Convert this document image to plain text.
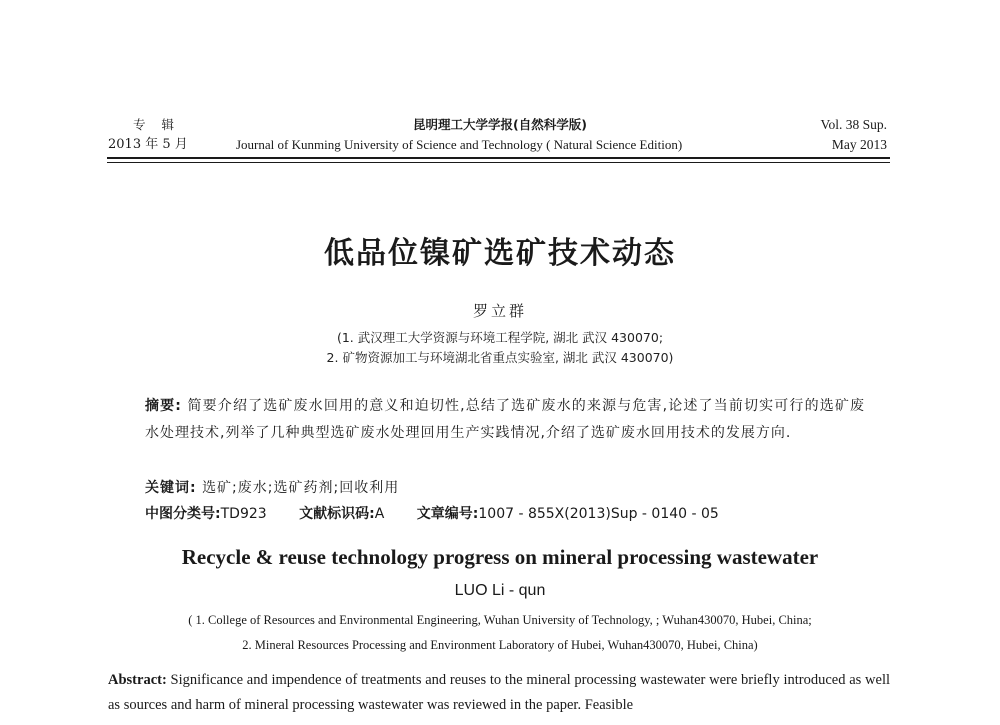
专 辑
2013 年 5 月
昆明理工大学学报(自然科学版)
Journal of Kunming University of Science and Technology ( Natural Science Edition)
Vol. 38 Sup.
May 2013
低品位镍矿选矿技术动态
罗立群
(1. 武汉理工大学资源与环境工程学院, 湖北 武汉 430070;
2. 矿物资源加工与环境湖北省重点实验室, 湖北 武汉 430070)
摘要: 简要介绍了选矿废水回用的意义和迫切性,总结了选矿废水的来源与危害,论述了当前切实可行的选矿废水处理技术,列举了几种典型选矿废水处理回用生产实践情况,介绍了选矿废水回用技术的发展方向.
关键词: 选矿;废水;选矿药剂;回收利用
中图分类号:TD923 文献标识码:A 文章编号:1007 - 855X(2013)Sup - 0140 - 05
Recycle & reuse technology progress on mineral processing wastewater
LUO Li - qun
( 1. College of Resources and Environmental Engineering, Wuhan University of Technology, ; Wuhan430070, Hubei, China;
2. Mineral Resources Processing and Environment Laboratory of Hubei, Wuhan430070, Hubei, China)
Abstract: Significance and impendence of treatments and reuses to the mineral processing wastewater were briefly introduced as well as sources and harm of mineral processing wastewater was reviewed in the paper. Feasible
